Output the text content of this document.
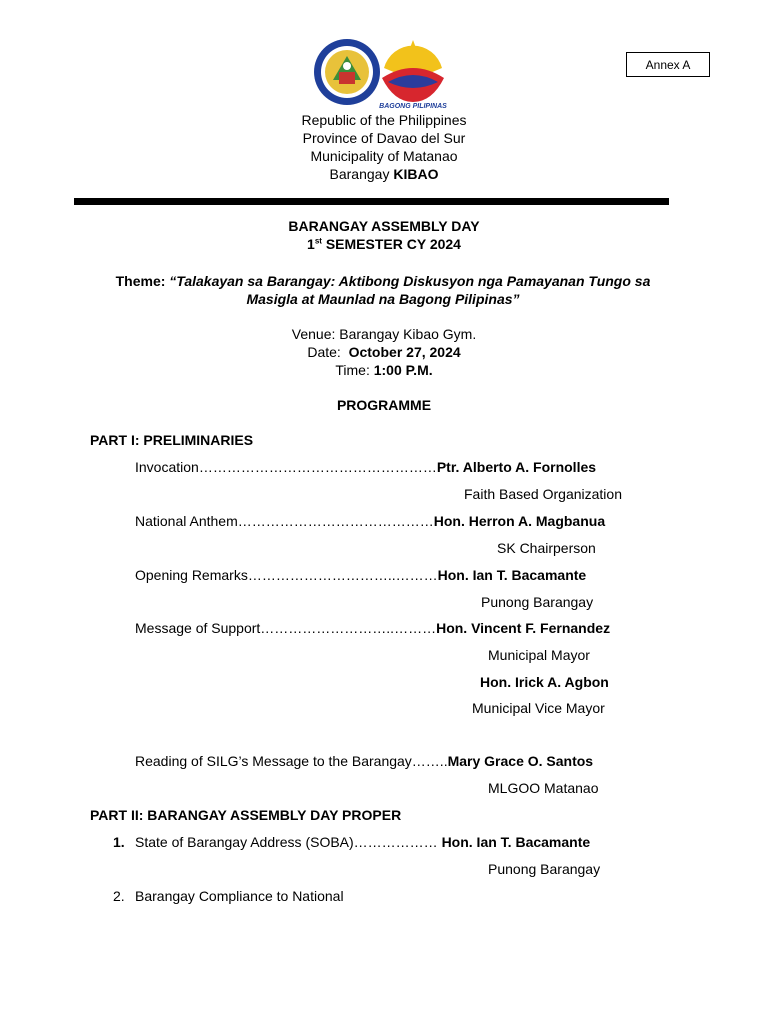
Annex A
BAGONG PILIPINAS
Republic of the Philippines
Province of Davao del Sur
Municipality of Matanao
Barangay KIBAO
BARANGAY ASSEMBLY DAY
1st SEMESTER CY 2024
Theme: “Talakayan sa Barangay: Aktibong Diskusyon nga Pamayanan Tungo sa Masigla at Maunlad na Bagong Pilipinas”
Venue: Barangay Kibao Gym.
Date:  October 27, 2024
Time: 1:00 P.M.
PROGRAMME
PART I: PRELIMINARIES
Invocation……………………………………………Ptr. Alberto A. Fornolles
Faith Based Organization
National Anthem……………………………………Hon. Herron A. Magbanua
SK Chairperson
Opening Remarks…………………………..………Hon. Ian T. Bacamante
Punong Barangay
Message of Support………………………..………Hon. Vincent F. Fernandez
Municipal Mayor
Hon. Irick A. Agbon
Municipal Vice Mayor
Reading of SILG’s Message to the Barangay……..Mary Grace O. Santos
MLGOO Matanao
PART II: BARANGAY ASSEMBLY DAY PROPER
1. State of Barangay Address (SOBA)……………… Hon. Ian T. Bacamante
Punong Barangay
2. Barangay Compliance to National
